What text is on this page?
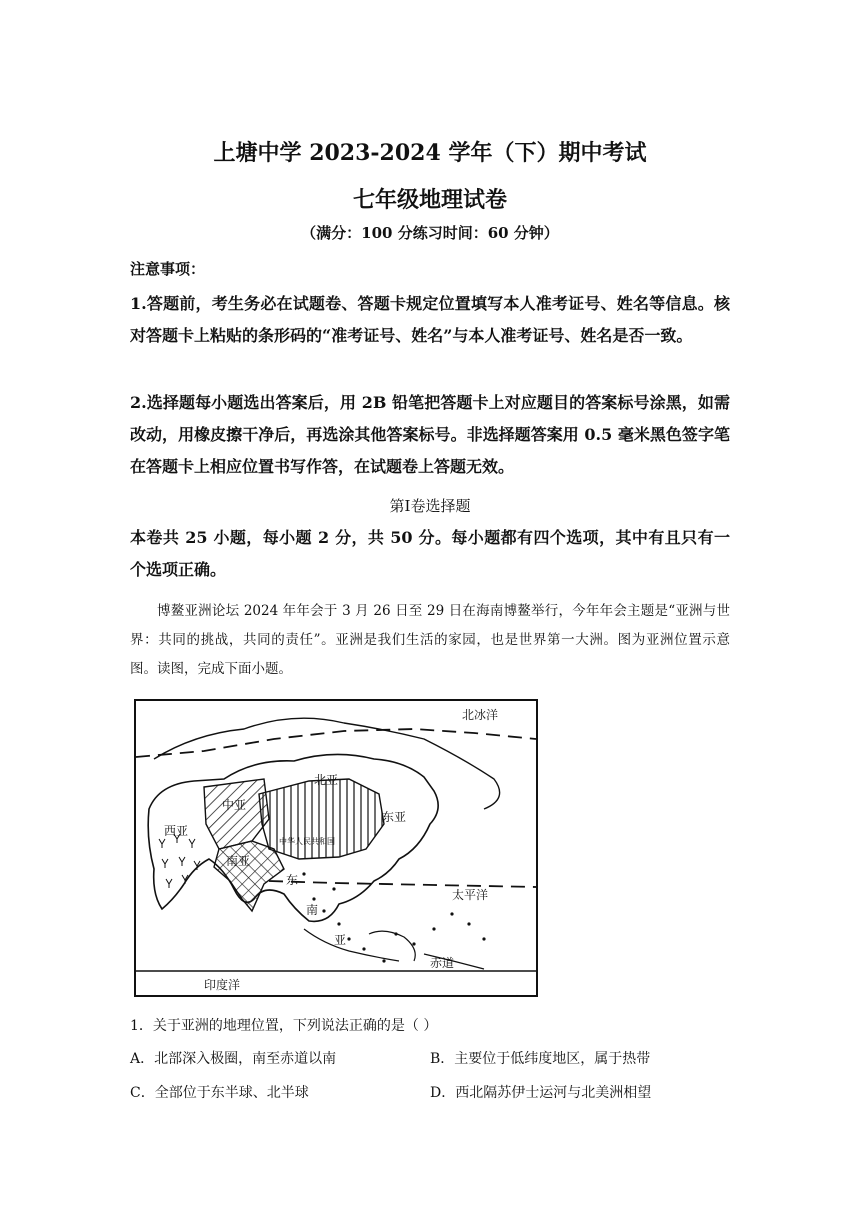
上塘中学 2023-2024 学年（下）期中考试
七年级地理试卷
（满分：100 分练习时间：60 分钟）
注意事项：
1.答题前，考生务必在试题卷、答题卡规定位置填写本人准考证号、姓名等信息。核对答题卡上粘贴的条形码的“准考证号、姓名”与本人准考证号、姓名是否一致。
2.选择题每小题选出答案后，用 2B 铅笔把答题卡上对应题目的答案标号涂黑，如需改动，用橡皮擦干净后，再选涂其他答案标号。非选择题答案用 0.5 毫米黑色签字笔在答题卡上相应位置书写作答，在试题卷上答题无效。
第Ⅰ卷选择题
本卷共 25 小题，每小题 2 分，共 50 分。每小题都有四个选项，其中有且只有一个选项正确。
博鳌亚洲论坛 2024 年年会于 3 月 26 日至 29 日在海南博鳌举行，今年年会主题是“亚洲与世界：共同的挑战，共同的责任”。亚洲是我们生活的家园，也是世界第一大洲。图为亚洲位置示意图。读图，完成下面小题。
北冰洋
北亚
中亚
西亚
东亚
中华人民共和国
南亚
东
南
亚
太平洋
赤道
印度洋
1．关于亚洲的地理位置，下列说法正确的是（ ）
A．北部深入极圈，南至赤道以南	B．主要位于低纬度地区，属于热带
C．全部位于东半球、北半球	D．西北隔苏伊士运河与北美洲相望
